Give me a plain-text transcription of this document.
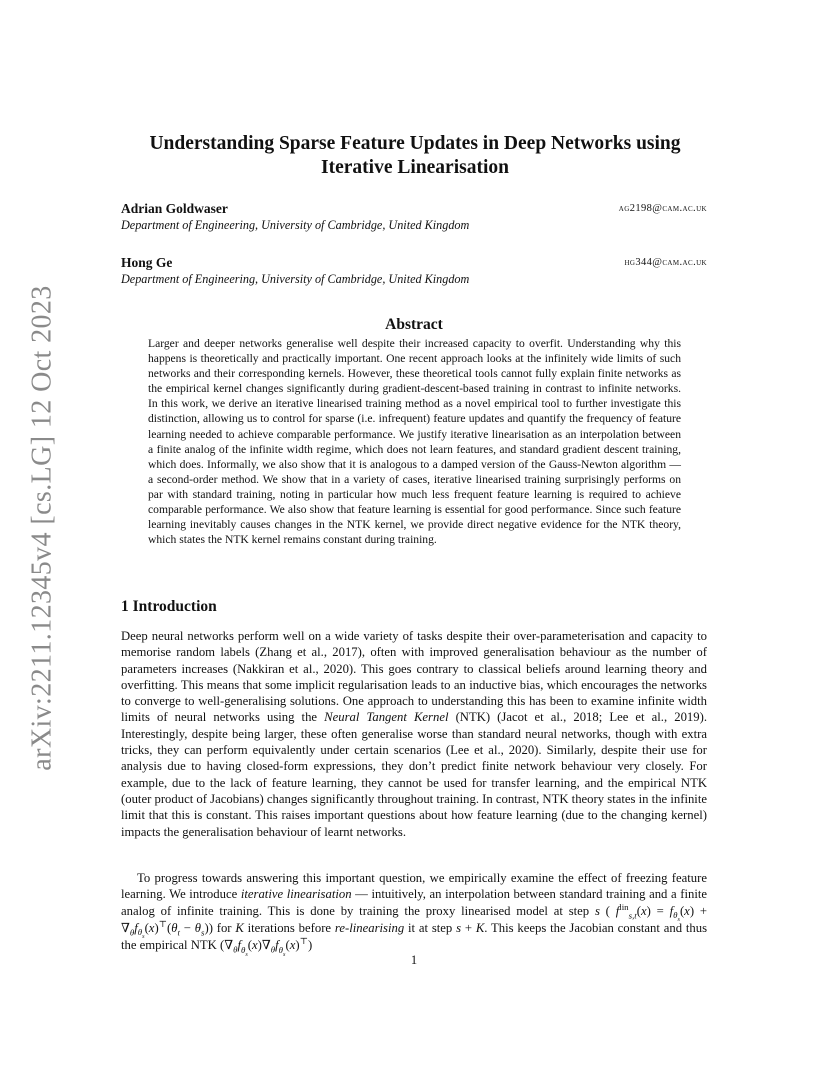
arXiv:2211.12345v4 [cs.LG] 12 Oct 2023
Understanding Sparse Feature Updates in Deep Networks using Iterative Linearisation
Adrian Goldwaser	ag2198@cam.ac.uk
Department of Engineering, University of Cambridge, United Kingdom
Hong Ge	hg344@cam.ac.uk
Department of Engineering, University of Cambridge, United Kingdom
Abstract
Larger and deeper networks generalise well despite their increased capacity to overfit. Understanding why this happens is theoretically and practically important. One recent approach looks at the infinitely wide limits of such networks and their corresponding kernels. However, these theoretical tools cannot fully explain finite networks as the empirical kernel changes significantly during gradient-descent-based training in contrast to infinite networks. In this work, we derive an iterative linearised training method as a novel empirical tool to further investigate this distinction, allowing us to control for sparse (i.e. infrequent) feature updates and quantify the frequency of feature learning needed to achieve comparable performance. We justify iterative linearisation as an interpolation between a finite analog of the infinite width regime, which does not learn features, and standard gradient descent training, which does. Informally, we also show that it is analogous to a damped version of the Gauss-Newton algorithm — a second-order method. We show that in a variety of cases, iterative linearised training surprisingly performs on par with standard training, noting in particular how much less frequent feature learning is required to achieve comparable performance. We also show that feature learning is essential for good performance. Since such feature learning inevitably causes changes in the NTK kernel, we provide direct negative evidence for the NTK theory, which states the NTK kernel remains constant during training.
1 Introduction
Deep neural networks perform well on a wide variety of tasks despite their over-parameterisation and capacity to memorise random labels (Zhang et al., 2017), often with improved generalisation behaviour as the number of parameters increases (Nakkiran et al., 2020). This goes contrary to classical beliefs around learning theory and overfitting. This means that some implicit regularisation leads to an inductive bias, which encourages the networks to converge to well-generalising solutions. One approach to understanding this has been to examine infinite width limits of neural networks using the Neural Tangent Kernel (NTK) (Jacot et al., 2018; Lee et al., 2019). Interestingly, despite being larger, these often generalise worse than standard neural networks, though with extra tricks, they can perform equivalently under certain scenarios (Lee et al., 2020). Similarly, despite their use for analysis due to having closed-form expressions, they don’t predict finite network behaviour very closely. For example, due to the lack of feature learning, they cannot be used for transfer learning, and the empirical NTK (outer product of Jacobians) changes significantly throughout training. In contrast, NTK theory states in the infinite limit that this is constant. This raises important questions about how feature learning (due to the changing kernel) impacts the generalisation behaviour of learnt networks.
To progress towards answering this important question, we empirically examine the effect of freezing feature learning. We introduce iterative linearisation — intuitively, an interpolation between standard training and a finite analog of infinite training. This is done by training the proxy linearised model at step s ( $f^{lin}_{s,t}(x) = f_{\theta_s}(x) + \nabla_\theta f_{\theta_s}(x)^⊤(\theta_t - \theta_s)$) for K iterations before re-linearising it at step s + K. This keeps the Jacobian constant and thus the empirical NTK $(\nabla_\theta f_{\theta_s}(x)\nabla_\theta f_{\theta_s}(x)^⊤)$
1
